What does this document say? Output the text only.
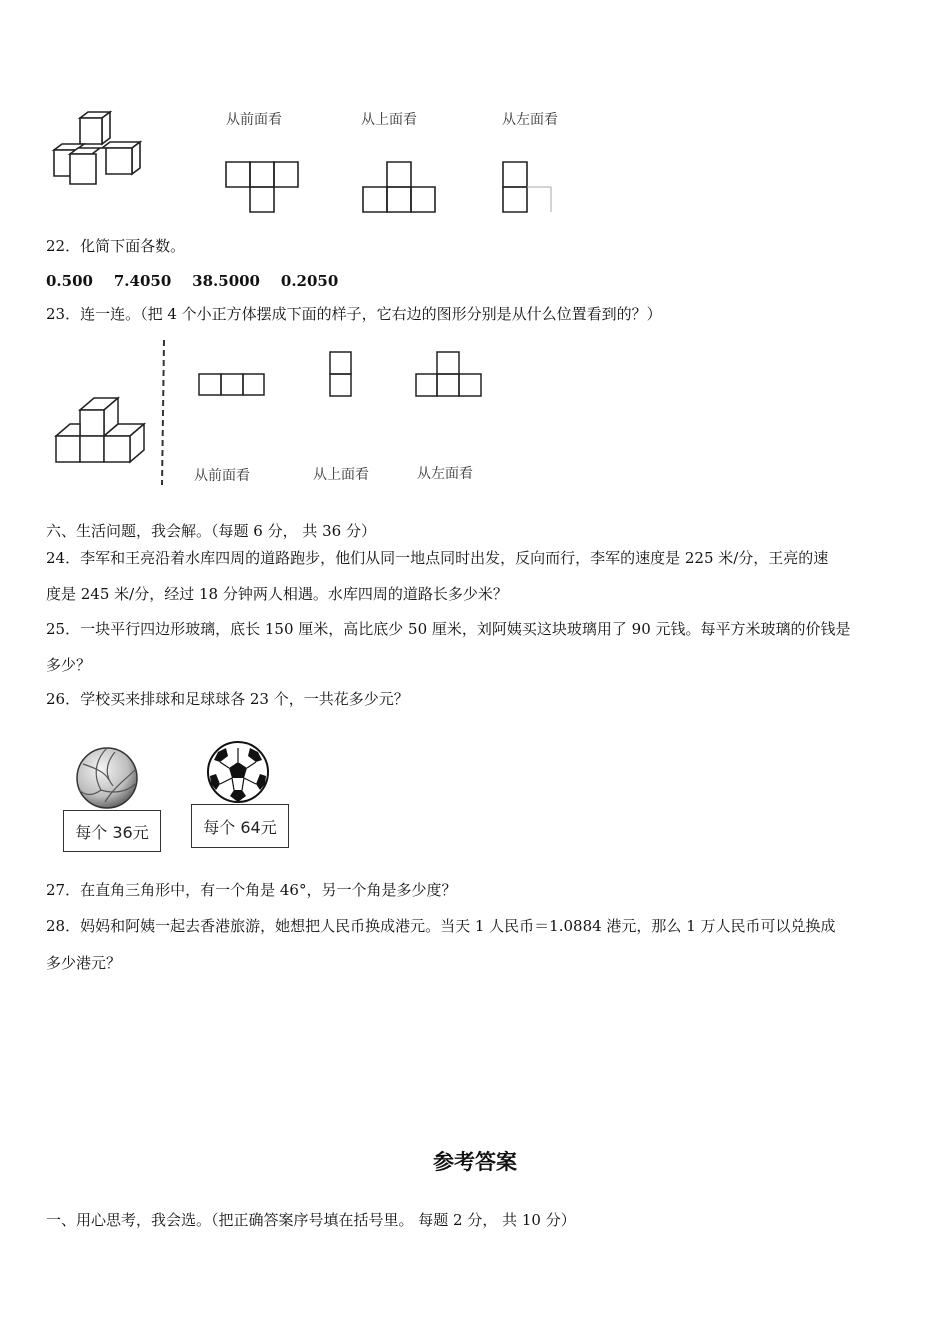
从前面看	从上面看	从左面看
22．化简下面各数。
0.500    7.4050    38.5000    0.2050
23．连一连。（把 4 个小正方体摆成下面的样子，它右边的图形分别是从什么位置看到的？）
从前面看	从上面看	从左面看
六、生活问题，我会解。（每题 6 分， 共 36 分）
24．李军和王亮沿着水库四周的道路跑步，他们从同一地点同时出发，反向而行，李军的速度是 225 米/分，王亮的速
度是 245 米/分，经过 18 分钟两人相遇。水库四周的道路长多少米？
25．一块平行四边形玻璃，底长 150 厘米，高比底少 50 厘米，刘阿姨买这块玻璃用了 90 元钱。每平方米玻璃的价钱是
多少？
26．学校买来排球和足球球各 23 个，一共花多少元？
每个 36元	每个 64元
27．在直角三角形中，有一个角是 46°，另一个角是多少度？
28．妈妈和阿姨一起去香港旅游，她想把人民币换成港元。当天 1 人民币＝1.0884 港元，那么 1 万人民币可以兑换成
多少港元？
参考答案
一、用心思考，我会选。（把正确答案序号填在括号里。 每题 2 分， 共 10 分）
